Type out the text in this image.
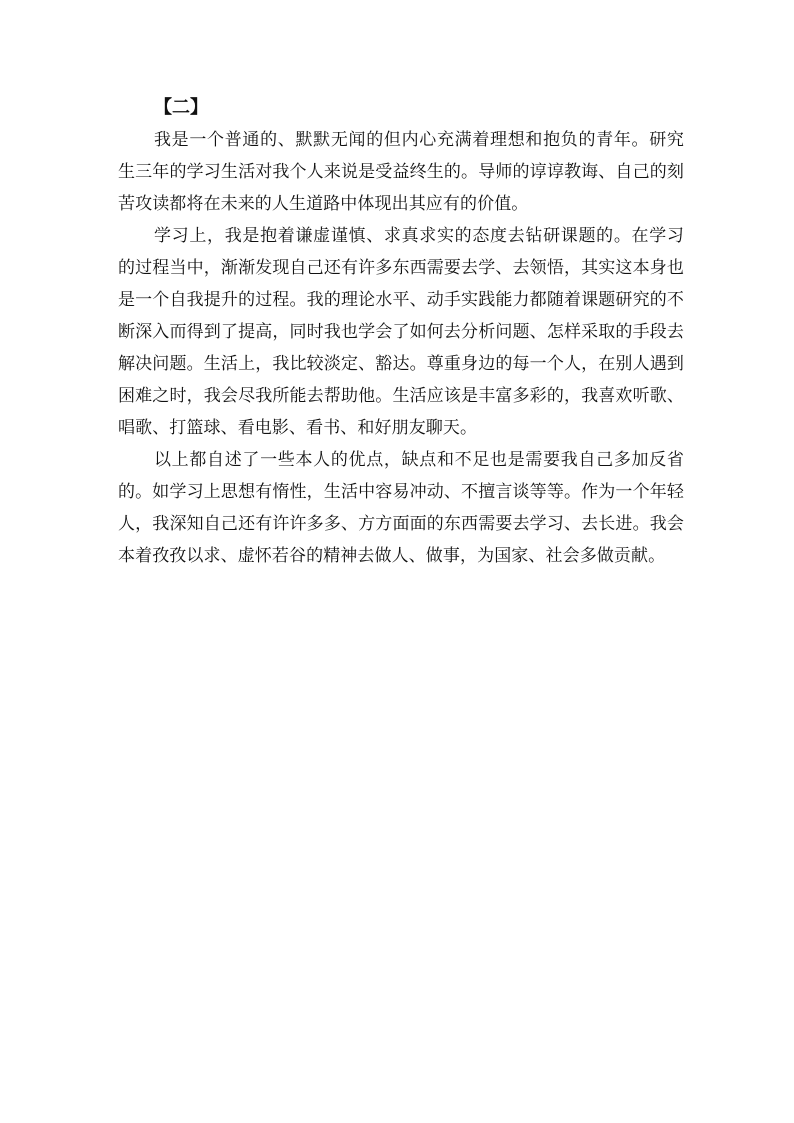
【二】

我是一个普通的、默默无闻的但内心充满着理想和抱负的青年。研究生三年的学习生活对我个人来说是受益终生的。导师的谆谆教诲、自己的刻苦攻读都将在未来的人生道路中体现出其应有的价值。

学习上，我是抱着谦虚谨慎、求真求实的态度去钻研课题的。在学习的过程当中，渐渐发现自己还有许多东西需要去学、去领悟，其实这本身也是一个自我提升的过程。我的理论水平、动手实践能力都随着课题研究的不断深入而得到了提高，同时我也学会了如何去分析问题、怎样采取的手段去解决问题。生活上，我比较淡定、豁达。尊重身边的每一个人，在别人遇到困难之时，我会尽我所能去帮助他。生活应该是丰富多彩的，我喜欢听歌、唱歌、打篮球、看电影、看书、和好朋友聊天。

以上都自述了一些本人的优点，缺点和不足也是需要我自己多加反省的。如学习上思想有惰性，生活中容易冲动、不擅言谈等等。作为一个年轻人，我深知自己还有许许多多、方方面面的东西需要去学习、去长进。我会本着孜孜以求、虚怀若谷的精神去做人、做事，为国家、社会多做贡献。
